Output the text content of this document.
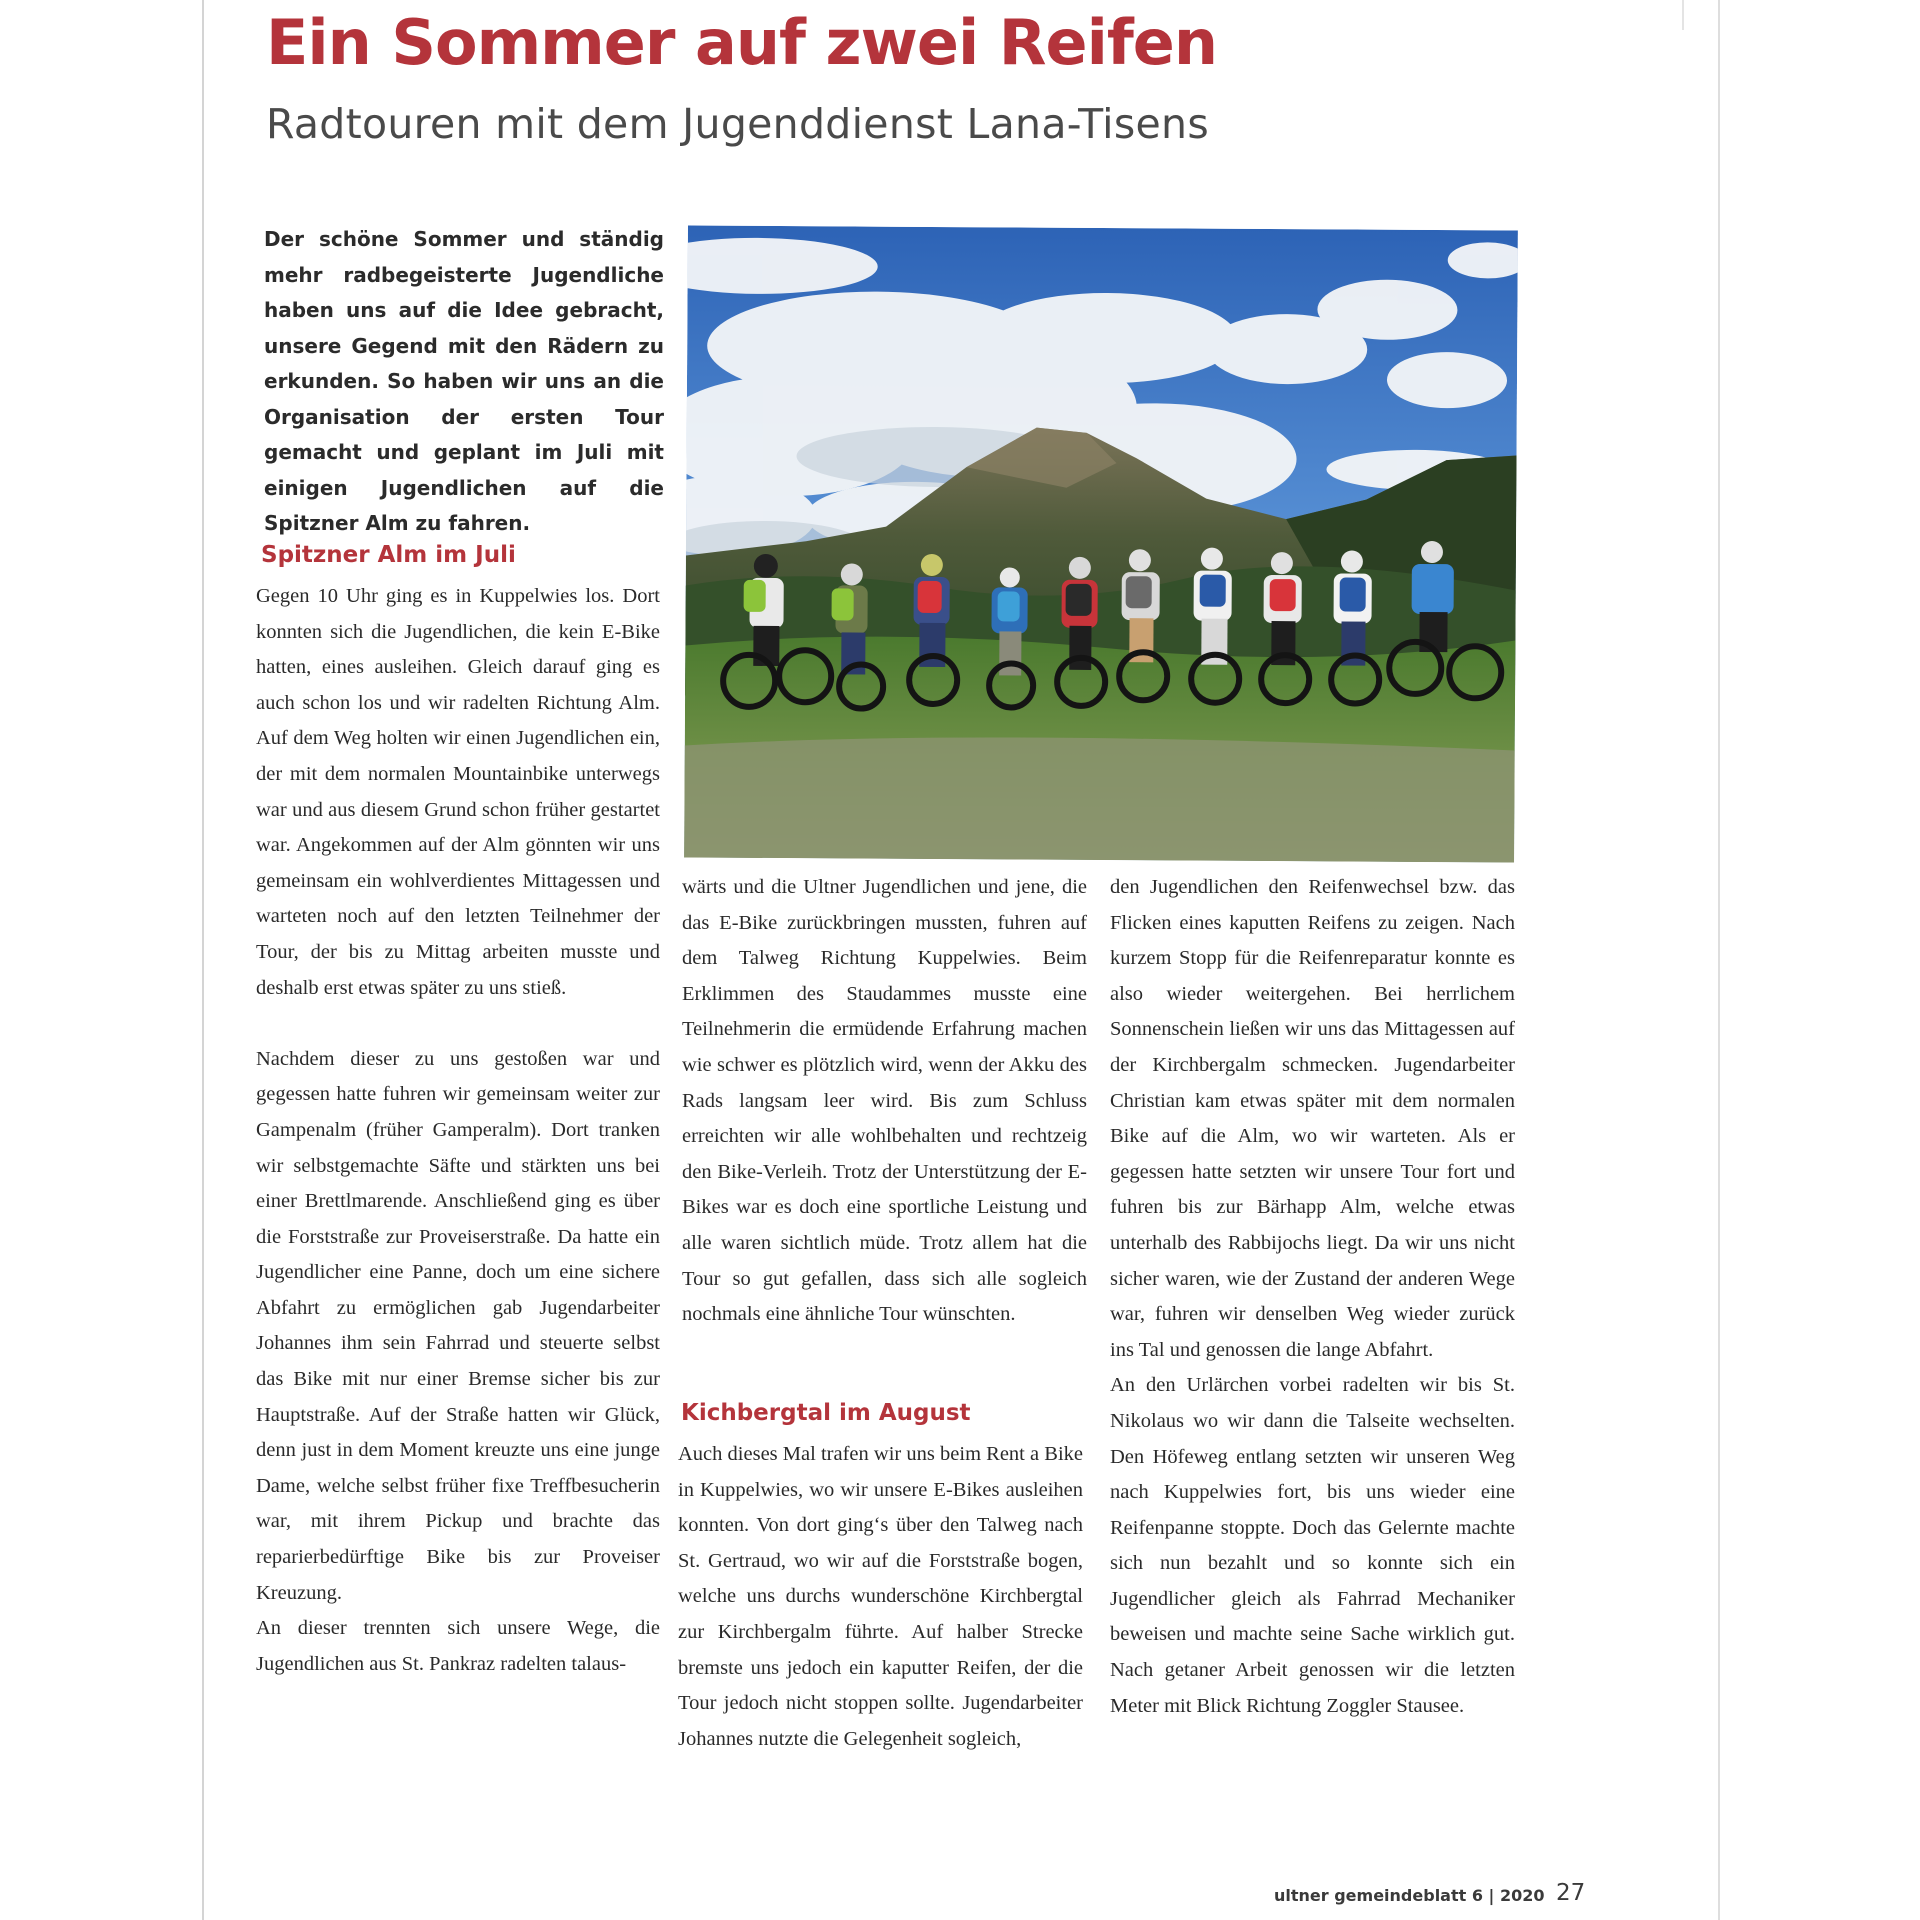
Ein Sommer auf zwei Reifen
Radtouren mit dem Jugenddienst Lana-Tisens

Der schöne Sommer und ständig mehr radbegeisterte Jugendliche haben uns auf die Idee gebracht, unsere Gegend mit den Rädern zu erkunden. So haben wir uns an die Organisation der ersten Tour gemacht und geplant im Juli mit einigen Jugendlichen auf die Spitzner Alm zu fahren.

Spitzner Alm im Juli

Gegen 10 Uhr ging es in Kuppelwies los. Dort konnten sich die Jugendlichen, die kein E-Bike hatten, eines ausleihen. Gleich darauf ging es auch schon los und wir radelten Richtung Alm. Auf dem Weg holten wir einen Jugendlichen ein, der mit dem normalen Mountainbike unterwegs war und aus diesem Grund schon früher gestartet war. Angekommen auf der Alm gönnten wir uns gemeinsam ein wohlverdientes Mittagessen und warteten noch auf den letzten Teilnehmer der Tour, der bis zu Mittag arbeiten musste und deshalb erst etwas später zu uns stieß.

Nachdem dieser zu uns gestoßen war und gegessen hatte fuhren wir gemeinsam weiter zur Gampenalm (früher Gamperalm). Dort tranken wir selbstgemachte Säfte und stärkten uns bei einer Brettlmarende. Anschließend ging es über die Forststraße zur Proveiserstraße. Da hatte ein Jugendlicher eine Panne, doch um eine sichere Abfahrt zu ermöglichen gab Jugendarbeiter Johannes ihm sein Fahrrad und steuerte selbst das Bike mit nur einer Bremse sicher bis zur Hauptstraße. Auf der Straße hatten wir Glück, denn just in dem Moment kreuzte uns eine junge Dame, welche selbst früher fixe Treffbesucherin war, mit ihrem Pickup und brachte das reparierbedürftige Bike bis zur Proveiser Kreuzung.

An dieser trennten sich unsere Wege, die Jugendlichen aus St. Pankraz radelten talaus-

wärts und die Ultner Jugendlichen und jene, die das E-Bike zurückbringen mussten, fuhren auf dem Talweg Richtung Kuppelwies. Beim Erklimmen des Staudammes musste eine Teilnehmerin die ermüdende Erfahrung machen wie schwer es plötzlich wird, wenn der Akku des Rads langsam leer wird. Bis zum Schluss erreichten wir alle wohlbehalten und rechtzeig den Bike-Verleih. Trotz der Unterstützung der E-Bikes war es doch eine sportliche Leistung und alle waren sichtlich müde. Trotz allem hat die Tour so gut gefallen, dass sich alle sogleich nochmals eine ähnliche Tour wünschten.

Kichbergtal im August

Auch dieses Mal trafen wir uns beim Rent a Bike in Kuppelwies, wo wir unsere E-Bikes ausleihen konnten. Von dort ging‘s über den Talweg nach St. Gertraud, wo wir auf die Forststraße bogen, welche uns durchs wunderschöne Kirchbergtal zur Kirchbergalm führte. Auf halber Strecke bremste uns jedoch ein kaputter Reifen, der die Tour jedoch nicht stoppen sollte. Jugendarbeiter Johannes nutzte die Gelegenheit sogleich,

den Jugendlichen den Reifenwechsel bzw. das Flicken eines kaputten Reifens zu zeigen. Nach kurzem Stopp für die Reifenreparatur konnte es also wieder weitergehen. Bei herrlichem Sonnenschein ließen wir uns das Mittagessen auf der Kirchbergalm schmecken. Jugendarbeiter Christian kam etwas später mit dem normalen Bike auf die Alm, wo wir warteten. Als er gegessen hatte setzten wir unsere Tour fort und fuhren bis zur Bärhapp Alm, welche etwas unterhalb des Rabbijochs liegt. Da wir uns nicht sicher waren, wie der Zustand der anderen Wege war, fuhren wir denselben Weg wieder zurück ins Tal und genossen die lange Abfahrt.

An den Urlärchen vorbei radelten wir bis St. Nikolaus wo wir dann die Talseite wechselten. Den Höfeweg entlang setzten wir unseren Weg nach Kuppelwies fort, bis uns wieder eine Reifenpanne stoppte. Doch das Gelernte machte sich nun bezahlt und so konnte sich ein Jugendlicher gleich als Fahrrad Mechaniker beweisen und machte seine Sache wirklich gut. Nach getaner Arbeit genossen wir die letzten Meter mit Blick Richtung Zoggler Stausee.

ultner gemeindeblatt 6 | 2020 27
